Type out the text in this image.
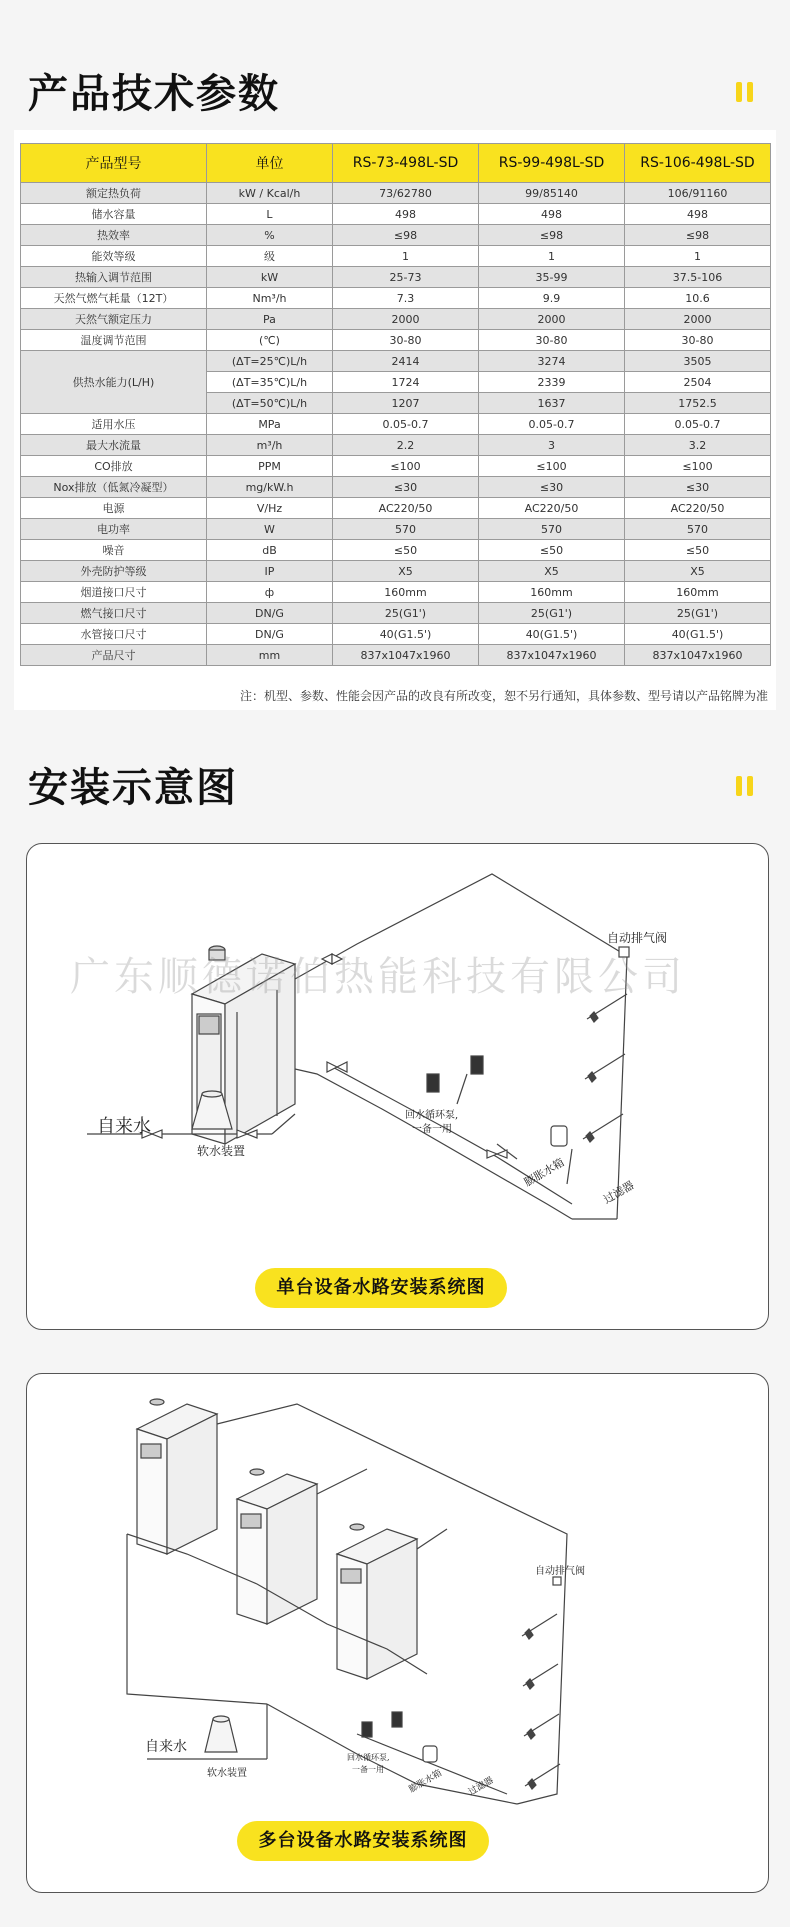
产品技术参数
产品型号	单位	RS-73-498L-SD	RS-99-498L-SD	RS-106-498L-SD
额定热负荷	kW / Kcal/h	73/62780	99/85140	106/91160
储水容量	L	498	498	498
热效率	%	≤98	≤98	≤98
能效等级	级	1	1	1
热输入调节范围	kW	25-73	35-99	37.5-106
天然气燃气耗量（12T）	Nm³/h	7.3	9.9	10.6
天然气额定压力	Pa	2000	2000	2000
温度调节范围	(℃)	30-80	30-80	30-80
供热水能力(L/H)	(ΔT=25℃)L/h	2414	3274	3505
	(ΔT=35℃)L/h	1724	2339	2504
	(ΔT=50℃)L/h	1207	1637	1752.5
适用水压	MPa	0.05-0.7	0.05-0.7	0.05-0.7
最大水流量	m³/h	2.2	3	3.2
CO排放	PPM	≤100	≤100	≤100
Nox排放（低氮冷凝型）	mg/kW.h	≤30	≤30	≤30
电源	V/Hz	AC220/50	AC220/50	AC220/50
电功率	W	570	570	570
噪音	dB	≤50	≤50	≤50
外壳防护等级	IP	X5	X5	X5
烟道接口尺寸	ф	160mm	160mm	160mm
燃气接口尺寸	DN/G	25(G1')	25(G1')	25(G1')
水管接口尺寸	DN/G	40(G1.5')	40(G1.5')	40(G1.5')
产品尺寸	mm	837x1047x1960	837x1047x1960	837x1047x1960
注：机型、参数、性能会因产品的改良有所改变，恕不另行通知，具体参数、型号请以产品铭牌为准
安装示意图
自来水
软水装置
自动排气阀
回水循环泵,
一备一用
膨胀水箱
过滤器
单台设备水路安装系统图
广东顺德诺伯热能科技有限公司
自来水
软水装置
自动排气阀
回水循环泵,
一备一用	膨胀水箱	过滤器
多台设备水路安装系统图
